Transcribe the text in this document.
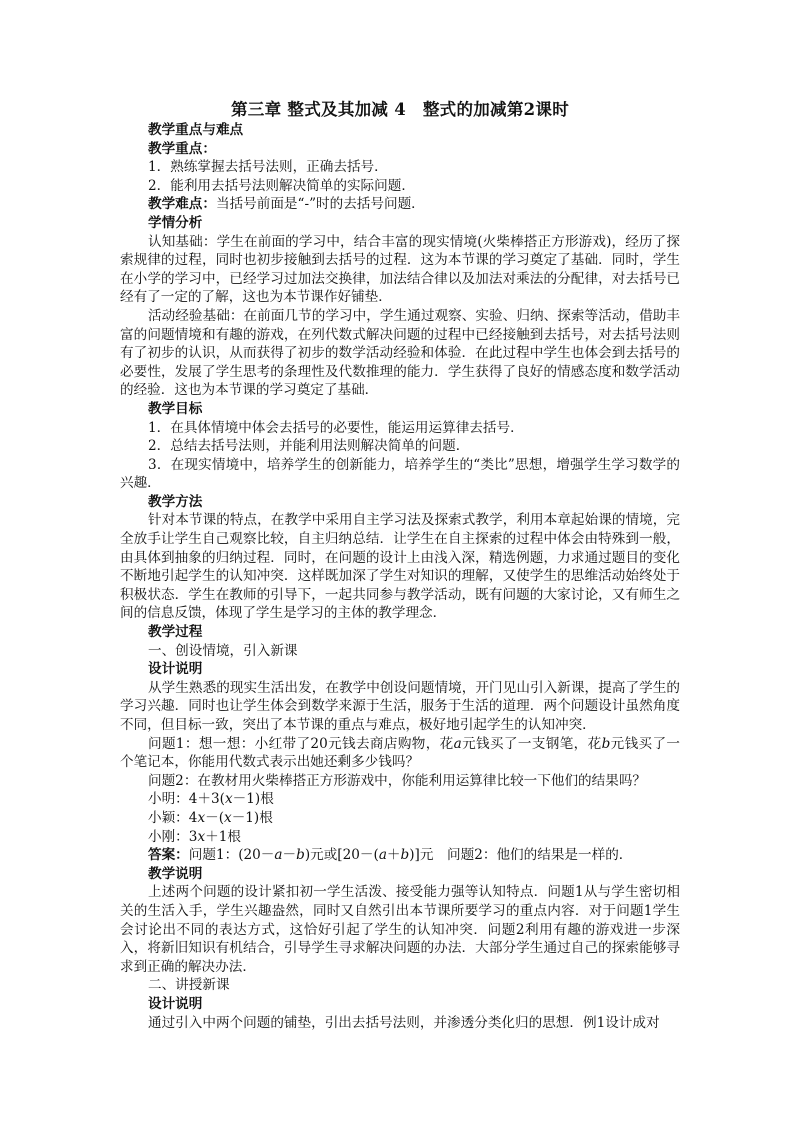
第三章 整式及其加减 4　整式的加减第2课时
教学重点与难点
教学重点：
1．熟练掌握去括号法则，正确去括号．
2．能利用去括号法则解决简单的实际问题．
教学难点：当括号前面是“-”时的去括号问题．
学情分析

认知基础：学生在前面的学习中，结合丰富的现实情境(火柴棒搭正方形游戏)，经历了探索规律的过程，同时也初步接触到去括号的过程．这为本节课的学习奠定了基础．同时，学生在小学的学习中，已经学习过加法交换律，加法结合律以及加法对乘法的分配律，对去括号已经有了一定的了解，这也为本节课作好铺垫．

活动经验基础：在前面几节的学习中，学生通过观察、实验、归纳、探索等活动，借助丰富的问题情境和有趣的游戏，在列代数式解决问题的过程中已经接触到去括号，对去括号法则有了初步的认识，从而获得了初步的数学活动经验和体验．在此过程中学生也体会到去括号的必要性，发展了学生思考的条理性及代数推理的能力．学生获得了良好的情感态度和数学活动的经验．这也为本节课的学习奠定了基础．

教学目标
1．在具体情境中体会去括号的必要性，能运用运算律去括号．
2．总结去括号法则，并能利用法则解决简单的问题．

3．在现实情境中，培养学生的创新能力，培养学生的“类比”思想，增强学生学习数学的兴趣．

教学方法

针对本节课的特点，在教学中采用自主学习法及探索式教学，利用本章起始课的情境，完全放手让学生自己观察比较，自主归纳总结．让学生在自主探索的过程中体会由特殊到一般，由具体到抽象的归纳过程．同时，在问题的设计上由浅入深，精选例题，力求通过题目的变化不断地引起学生的认知冲突．这样既加深了学生对知识的理解，又使学生的思维活动始终处于积极状态．学生在教师的引导下，一起共同参与教学活动，既有问题的大家讨论，又有师生之间的信息反馈，体现了学生是学习的主体的教学理念．

教学过程
一、创设情境，引入新课
设计说明

从学生熟悉的现实生活出发，在教学中创设问题情境，开门见山引入新课，提高了学生的学习兴趣．同时也让学生体会到数学来源于生活，服务于生活的道理．两个问题设计虽然角度不同，但目标一致，突出了本节课的重点与难点，极好地引起学生的认知冲突．

问题1：想一想：小红带了20元钱去商店购物，花a元钱买了一支钢笔，花b元钱买了一个笔记本，你能用代数式表示出她还剩多少钱吗？

问题2：在教材用火柴棒搭正方形游戏中，你能利用运算律比较一下他们的结果吗？
小明：4＋3(x－1)根
小颖：4x－(x－1)根
小刚：3x＋1根
答案：问题1：(20－a－b)元或[20－(a＋b)]元　问题2：他们的结果是一样的．
教学说明

上述两个问题的设计紧扣初一学生活泼、接受能力强等认知特点．问题1从与学生密切相关的生活入手，学生兴趣盎然，同时又自然引出本节课所要学习的重点内容．对于问题1学生会讨论出不同的表达方式，这恰好引起了学生的认知冲突．问题2利用有趣的游戏进一步深入，将新旧知识有机结合，引导学生寻求解决问题的办法．大部分学生通过自己的探索能够寻求到正确的解决办法．

二、讲授新课
设计说明

通过引入中两个问题的铺垫，引出去括号法则，并渗透分类化归的思想．例1设计成对
